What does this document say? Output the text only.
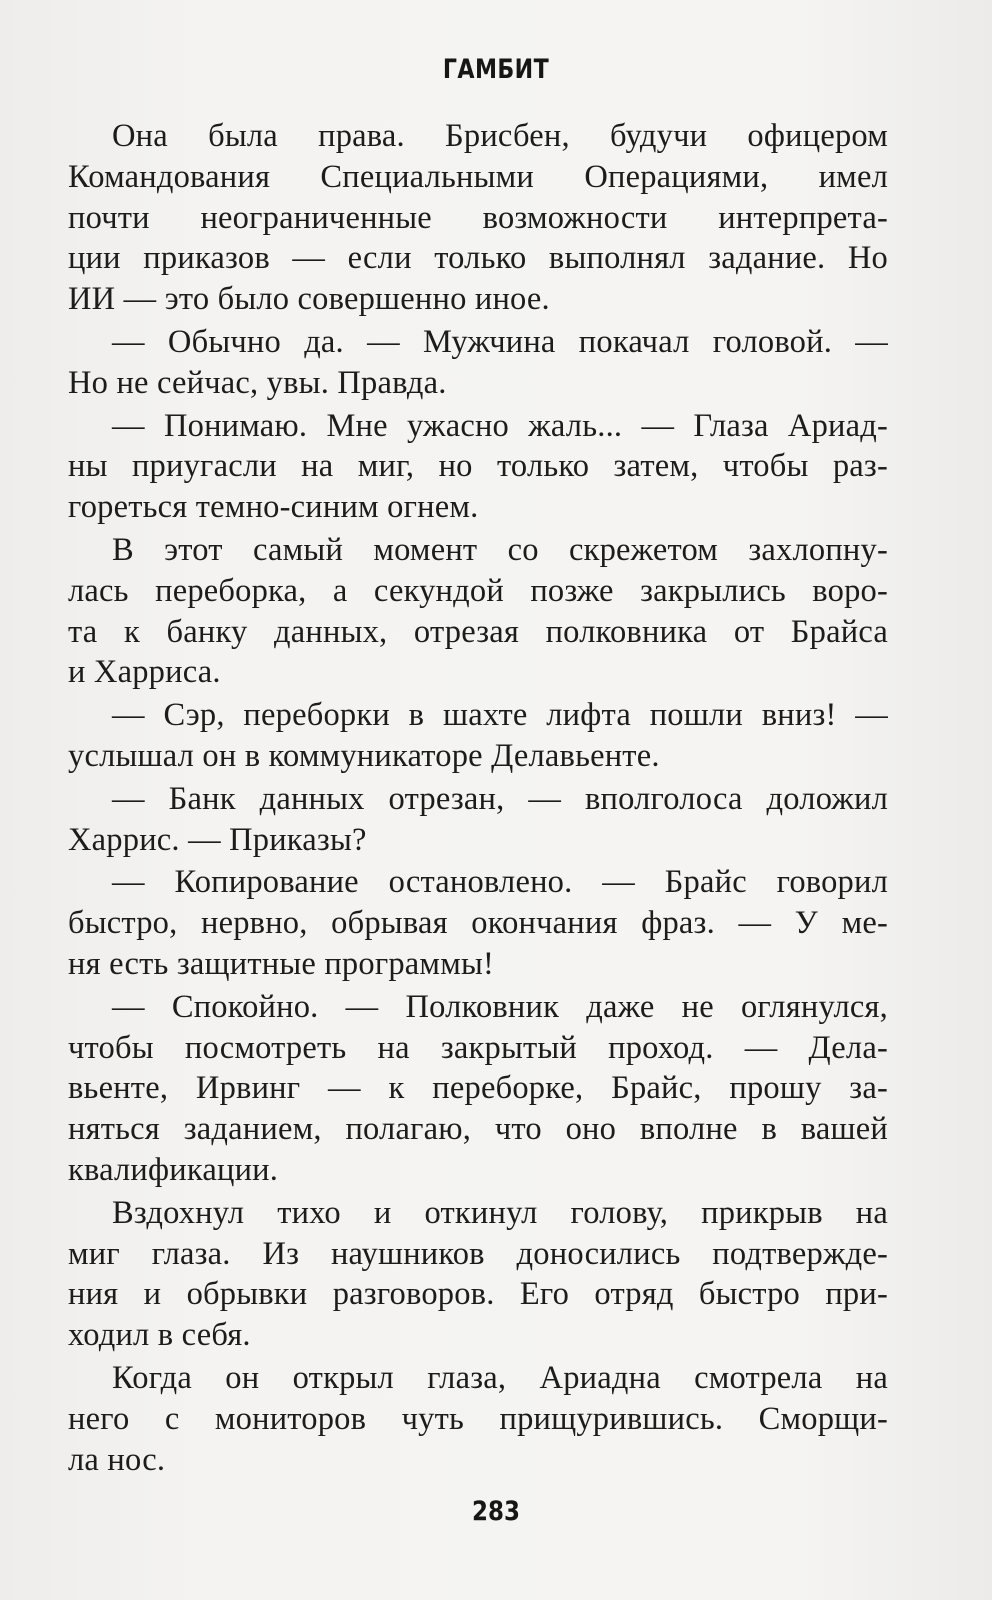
ГАМБИТ
Она была права. Брисбен, будучи офицером
Командования Специальными Операциями, имел
почти неограниченные возможности интерпрета-
ции приказов — если только выполнял задание. Но
ИИ — это было совершенно иное.
— Обычно да. — Мужчина покачал головой. —
Но не сейчас, увы. Правда.
— Понимаю. Мне ужасно жаль... — Глаза Ариад-
ны приугасли на миг, но только затем, чтобы раз-
гореться темно-синим огнем.
В этот самый момент со скрежетом захлопну-
лась переборка, а секундой позже закрылись воро-
та к банку данных, отрезая полковника от Брайса
и Харриса.
— Сэр, переборки в шахте лифта пошли вниз! —
услышал он в коммуникаторе Делавьенте.
— Банк данных отрезан, — вполголоса доложил
Харрис. — Приказы?
— Копирование остановлено. — Брайс говорил
быстро, нервно, обрывая окончания фраз. — У ме-
ня есть защитные программы!
— Спокойно. — Полковник даже не оглянулся,
чтобы посмотреть на закрытый проход. — Дела-
вьенте, Ирвинг — к переборке, Брайс, прошу за-
няться заданием, полагаю, что оно вполне в вашей
квалификации.
Вздохнул тихо и откинул голову, прикрыв на
миг глаза. Из наушников доносились подтвержде-
ния и обрывки разговоров. Его отряд быстро при-
ходил в себя.
Когда он открыл глаза, Ариадна смотрела на
него с мониторов чуть прищурившись. Сморщи-
ла нос.
283
